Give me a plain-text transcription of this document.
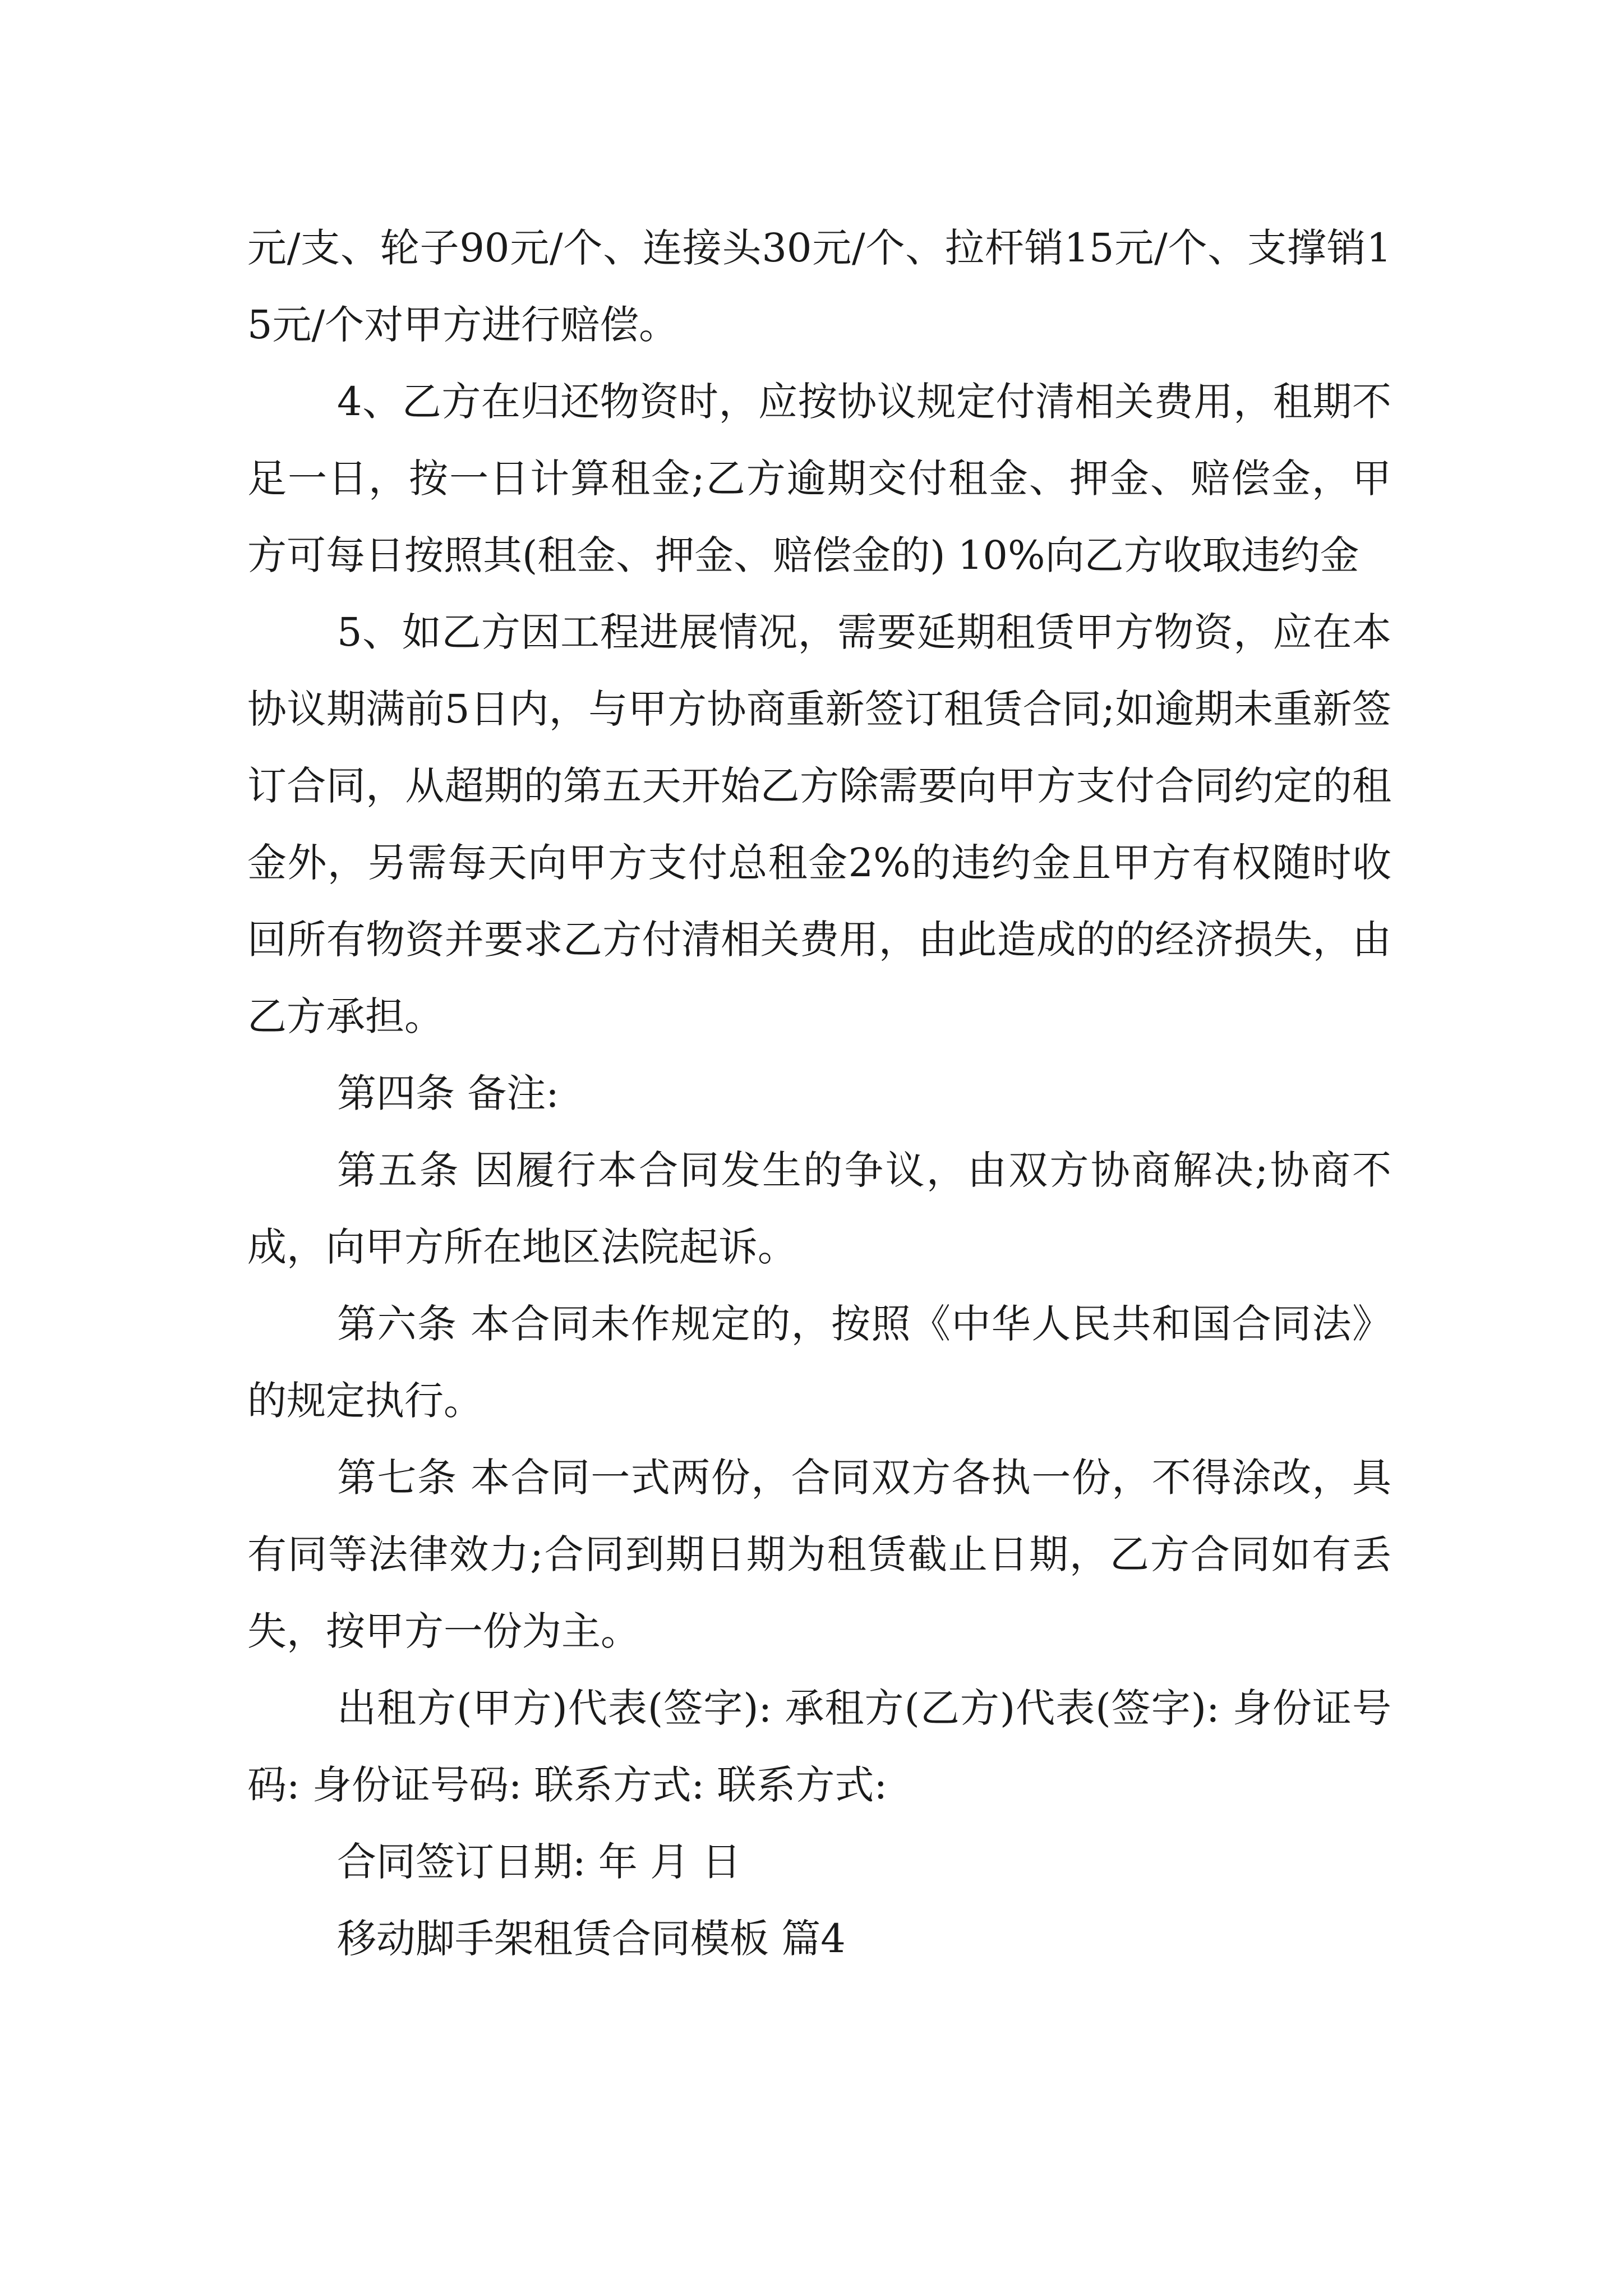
元/支、轮子90元/个、连接头30元/个、拉杆销15元/个、支撑销15元/个对甲方进行赔偿。

4、乙方在归还物资时，应按协议规定付清相关费用，租期不足一日，按一日计算租金;乙方逾期交付租金、押金、赔偿金，甲方可每日按照其(租金、押金、赔偿金的) 10%向乙方收取违约金

5、如乙方因工程进展情况，需要延期租赁甲方物资，应在本协议期满前5日内，与甲方协商重新签订租赁合同;如逾期未重新签订合同，从超期的第五天开始乙方除需要向甲方支付合同约定的租金外，另需每天向甲方支付总租金2%的违约金且甲方有权随时收回所有物资并要求乙方付清相关费用，由此造成的的经济损失，由乙方承担。

第四条 备注:

第五条 因履行本合同发生的争议，由双方协商解决;协商不成，向甲方所在地区法院起诉。

第六条 本合同未作规定的，按照《中华人民共和国合同法》的规定执行。

第七条 本合同一式两份，合同双方各执一份，不得涂改，具有同等法律效力;合同到期日期为租赁截止日期，乙方合同如有丢失，按甲方一份为主。

出租方(甲方)代表(签字): 承租方(乙方)代表(签字): 身份证号码: 身份证号码: 联系方式: 联系方式:

合同签订日期: 年 月 日

移动脚手架租赁合同模板 篇4
